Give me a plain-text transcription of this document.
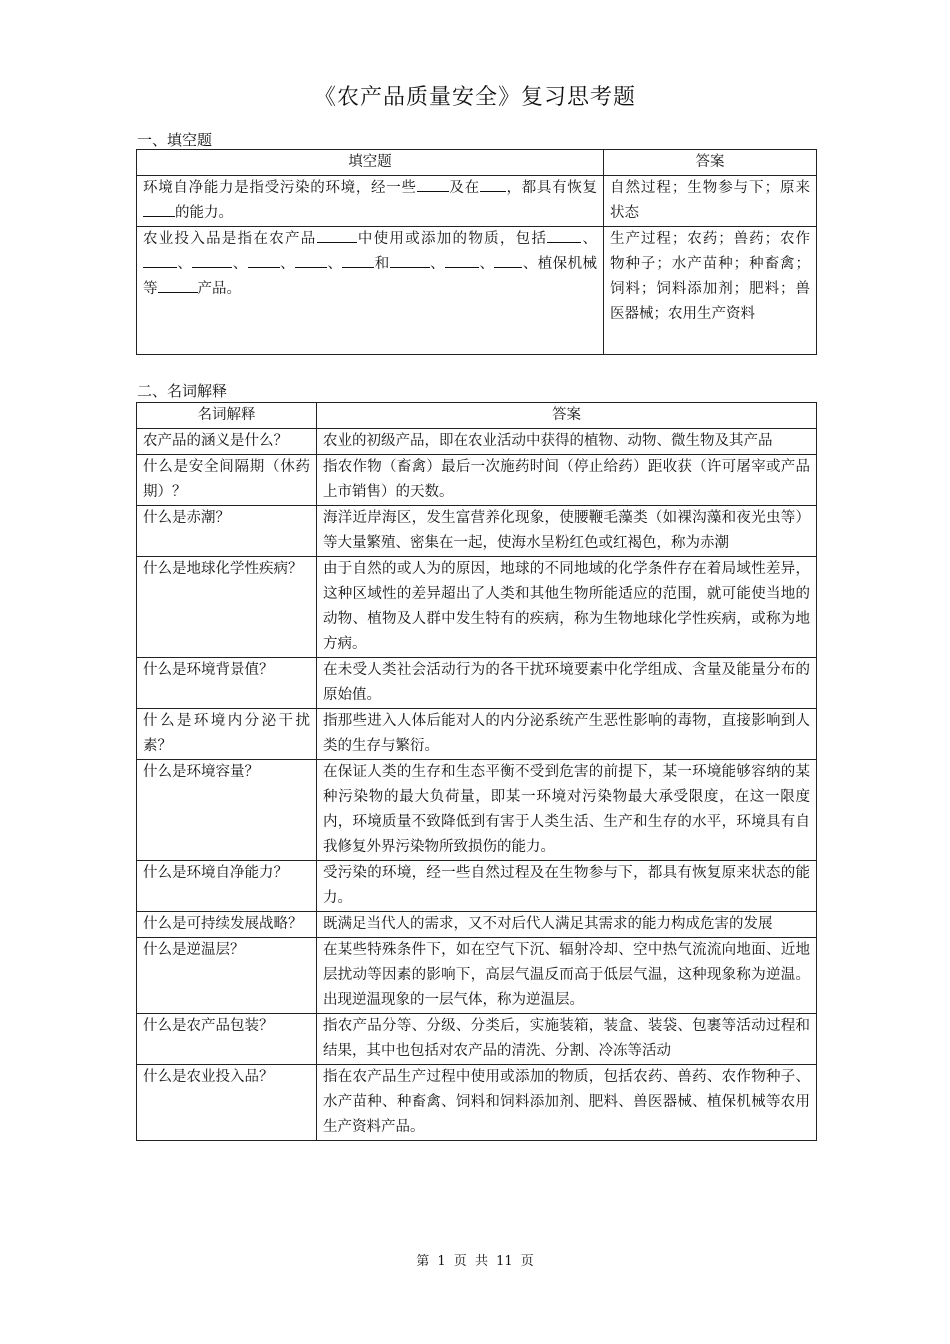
《农产品质量安全》复习思考题
一、填空题
填空题	答案
环境自净能力是指受污染的环境，经一些 及在 ，都具有恢复的能力。	自然过程；生物参与下；原来状态
农业投入品是指在农产品 中使用或添加的物质，包括 、、 、 、 、 和 、 、 、植保机械等 产品。	生产过程；农药；兽药；农作物种子；水产苗种；种畜禽；饲料；饲料添加剂；肥料；兽医器械；农用生产资料
二、名词解释
名词解释	答案
农产品的涵义是什么？	农业的初级产品，即在农业活动中获得的植物、动物、微生物及其产品
什么是安全间隔期（休药期）？	指农作物（畜禽）最后一次施药时间（停止给药）距收获（许可屠宰或产品上市销售）的天数。
什么是赤潮？	海洋近岸海区，发生富营养化现象，使腰鞭毛藻类（如裸沟藻和夜光虫等）等大量繁殖、密集在一起，使海水呈粉红色或红褐色，称为赤潮
什么是地球化学性疾病？	由于自然的或人为的原因，地球的不同地域的化学条件存在着局域性差异，这种区域性的差异超出了人类和其他生物所能适应的范围，就可能使当地的动物、植物及人群中发生特有的疾病，称为生物地球化学性疾病，或称为地方病。
什么是环境背景值？	在未受人类社会活动行为的各干扰环境要素中化学组成、含量及能量分布的原始值。
什么是环境内分泌干扰素？	指那些进入人体后能对人的内分泌系统产生恶性影响的毒物，直接影响到人类的生存与繁衍。
什么是环境容量？	在保证人类的生存和生态平衡不受到危害的前提下，某一环境能够容纳的某种污染物的最大负荷量，即某一环境对污染物最大承受限度，在这一限度内，环境质量不致降低到有害于人类生活、生产和生存的水平，环境具有自我修复外界污染物所致损伤的能力。
什么是环境自净能力？	受污染的环境，经一些自然过程及在生物参与下，都具有恢复原来状态的能力。
什么是可持续发展战略？	既满足当代人的需求，又不对后代人满足其需求的能力构成危害的发展
什么是逆温层？	在某些特殊条件下，如在空气下沉、辐射冷却、空中热气流流向地面、近地层扰动等因素的影响下，高层气温反而高于低层气温，这种现象称为逆温。出现逆温现象的一层气体，称为逆温层。
什么是农产品包装？	指农产品分等、分级、分类后，实施装箱，装盒、装袋、包裹等活动过程和结果，其中也包括对农产品的清洗、分割、冷冻等活动
什么是农业投入品？	指在农产品生产过程中使用或添加的物质，包括农药、兽药、农作物种子、水产苗种、种畜禽、饲料和饲料添加剂、肥料、兽医器械、植保机械等农用生产资料产品。
第 1 页 共 11 页
